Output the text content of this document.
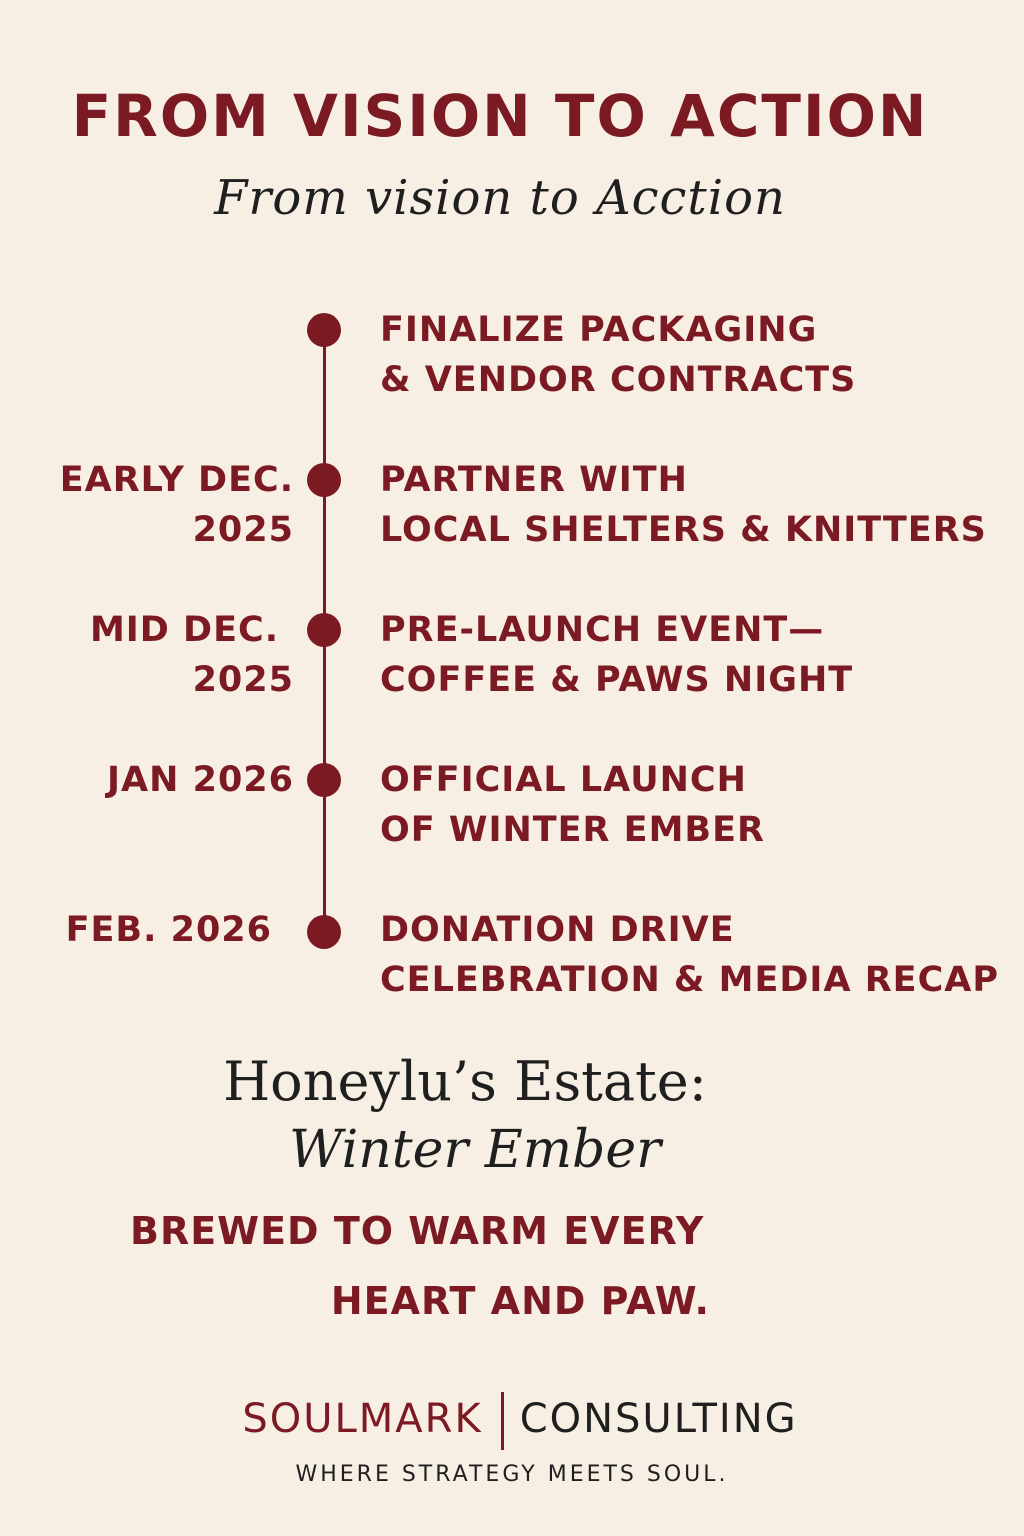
FROM VISION TO ACTION
From vision to Acction
FINALIZE PACKAGING
& VENDOR CONTRACTS
EARLY DEC.
2025
PARTNER WITH
LOCAL SHELTERS & KNITTERS
MID DEC.
2025
PRE-LAUNCH EVENT—
COFFEE & PAWS NIGHT
JAN 2026 OFFICIAL LAUNCH
OF WINTER EMBER
FEB. 2026	DONATION DRIVE
CELEBRATION & MEDIA RECAP
Honeylu’s Estate:
Winter Ember
BREWED TO WARM EVERY
HEART AND PAW.
SOULMARK CONSULTING
WHERE STRATEGY MEETS SOUL.
